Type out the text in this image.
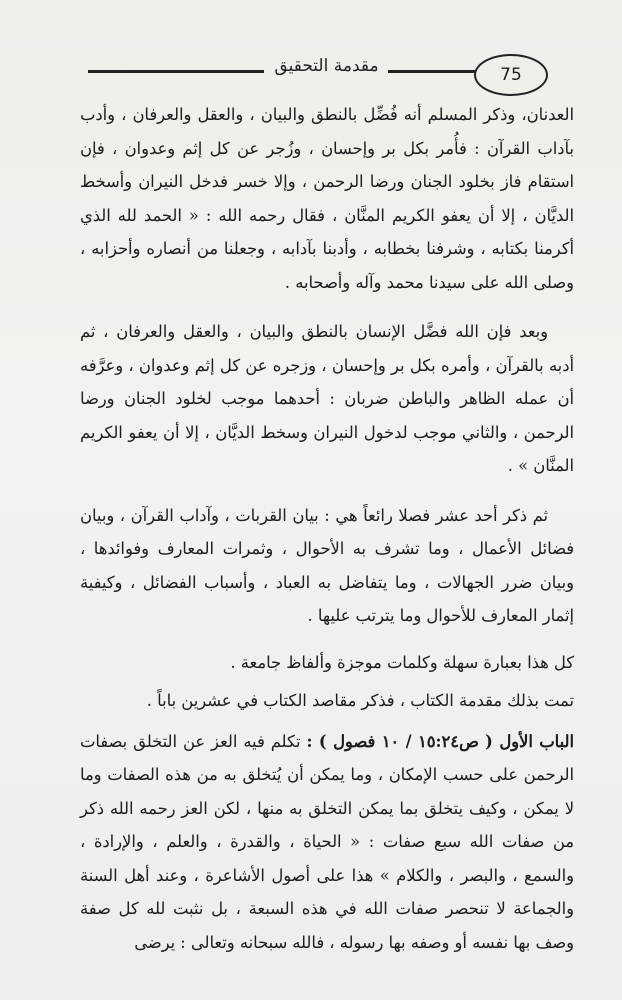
مقدمة التحقيق	75

العدنان، وذكر المسلم أنه فُضِّل بالنطق والبيان ، والعقل والعرفان ، وأدب بآداب القرآن : فأُمر بكل بر وإحسان ، وزُجر عن كل إثم وعدوان ، فإن استقام فاز بخلود الجنان ورضا الرحمن ، وإلا خسر فدخل النيران وأسخط الديَّان ، إلا أن يعفو الكريم المنَّان ، فقال رحمه الله : « الحمد لله الذي أكرمنا بكتابه ، وشرفنا بخطابه ، وأدبنا بآدابه ، وجعلنا من أنصاره وأحزابه ، وصلى الله على سيدنا محمد وآله وأصحابه .

وبعد فإن الله فضَّل الإنسان بالنطق والبيان ، والعقل والعرفان ، ثم أدبه بالقرآن ، وأمره بكل بر وإحسان ، وزجره عن كل إثم وعدوان ، وعرَّفه أن عمله الظاهر والباطن ضربان : أحدهما موجب لخلود الجنان ورضا الرحمن ، والثاني موجب لدخول النيران وسخط الديَّان ، إلا أن يعفو الكريم المنَّان » .

ثم ذكر أحد عشر فصلا رائعاً هي : بيان القربات ، وآداب القرآن ، وبيان فضائل الأعمال ، وما تشرف به الأحوال ، وثمرات المعارف وفوائدها ، وبيان ضرر الجهالات ، وما يتفاضل به العباد ، وأسباب الفضائل ، وكيفية إثمار المعارف للأحوال وما يترتب عليها .

كل هذا بعبارة سهلة وكلمات موجزة وألفاظ جامعة .

تمت بذلك مقدمة الكتاب ، فذكر مقاصد الكتاب في عشرين باباً .

الباب الأول ( ص١٥:٢٤ / ١٠ فصول ) : تكلم فيه العز عن التخلق بصفات الرحمن على حسب الإمكان ، وما يمكن أن يُتخلق به من هذه الصفات وما لا يمكن ، وكيف يتخلق بما يمكن التخلق به منها ، لكن العز رحمه الله ذكر من صفات الله سبع صفات : « الحياة ، والقدرة ، والعلم ، والإرادة ، والسمع ، والبصر ، والكلام » هذا على أصول الأشاعرة ، وعند أهل السنة والجماعة لا تنحصر صفات الله في هذه السبعة ، بل نثبت لله كل صفة وصف بها نفسه أو وصفه بها رسوله ، فالله سبحانه وتعالى : يرضى
